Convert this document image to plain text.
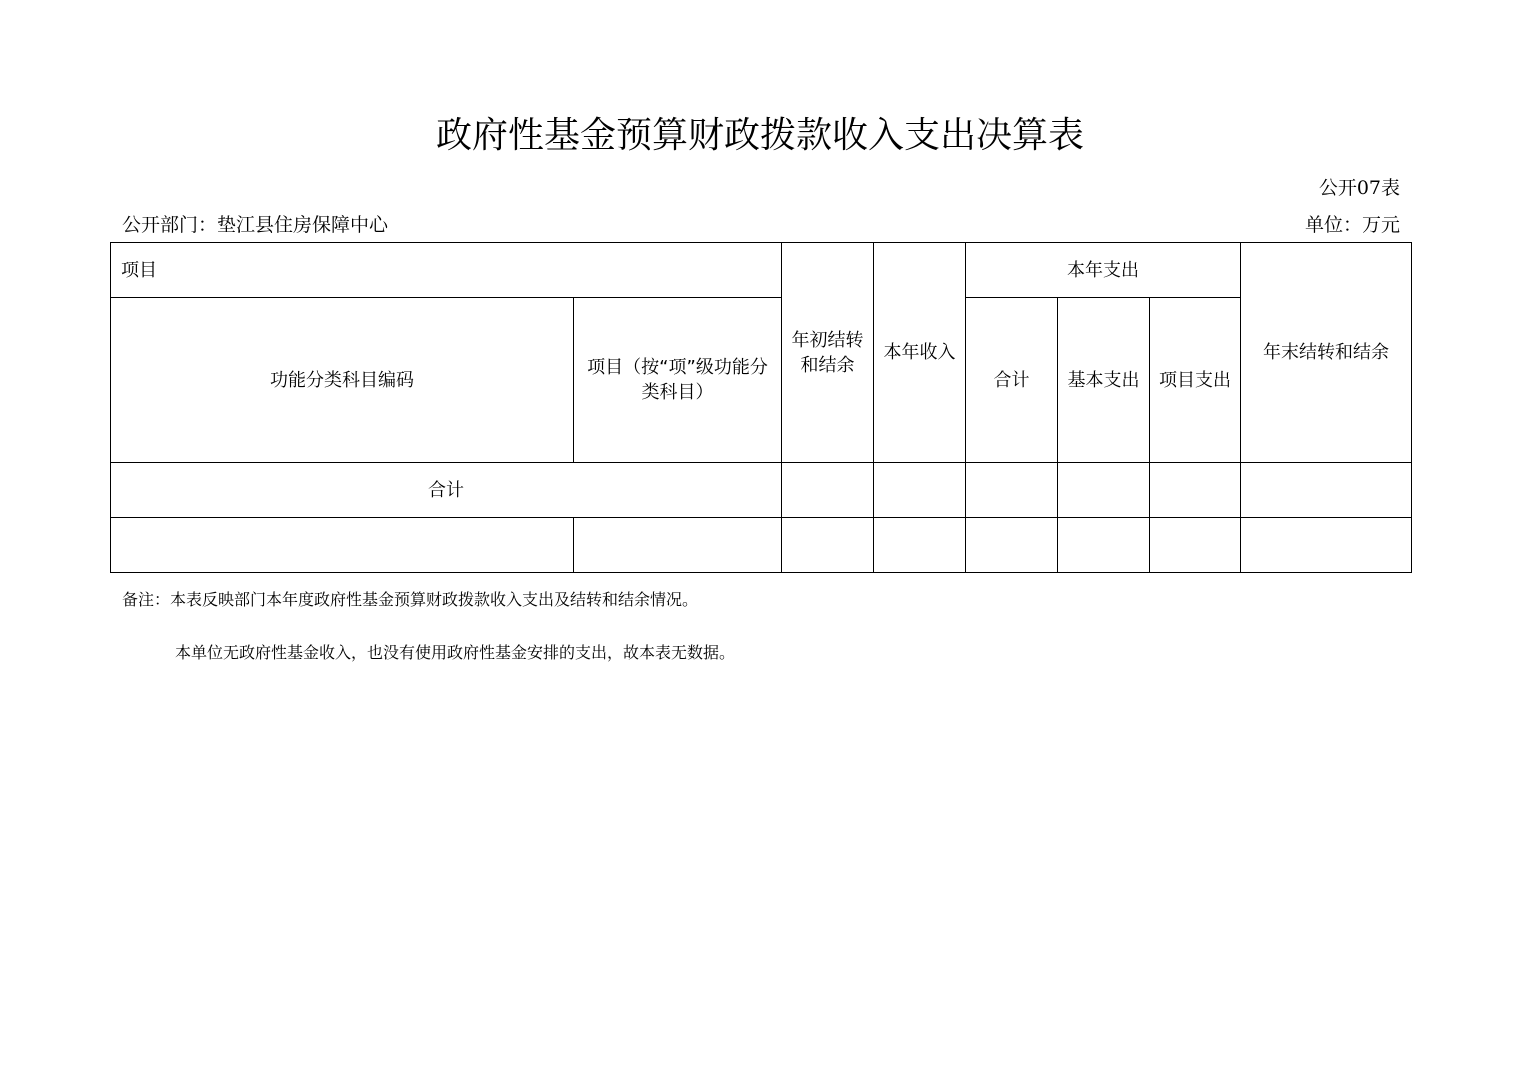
政府性基金预算财政拨款收入支出决算表
公开07表
公开部门：垫江县住房保障中心	单位：万元
项目		年初结转和结余	本年收入	本年支出			年末结转和结余
功能分类科目编码	项目（按“项”级功能分类科目）			合计	基本支出	项目支出	
合计							

备注：本表反映部门本年度政府性基金预算财政拨款收入支出及结转和结余情况。
本单位无政府性基金收入，也没有使用政府性基金安排的支出，故本表无数据。
